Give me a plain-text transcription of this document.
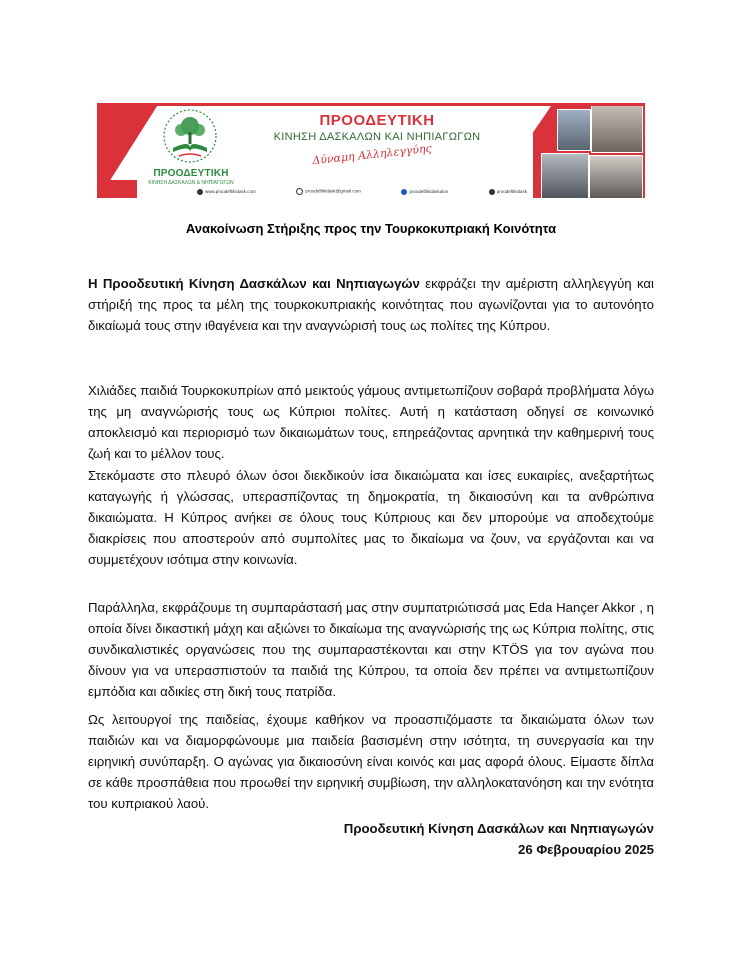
ΠΡΟΟΔΕΥΤΙΚΗ
ΚΙΝΗΣΗ ΔΑΣΚΑΛΩΝ & ΝΗΠΙΑΓΩΓΩΝ
ΠΡΟΟΔΕΥΤΙΚΗ
ΚΙΝΗΣΗ ΔΑΣΚΑΛΩΝ ΚΑΙ ΝΗΠΙΑΓΩΓΩΝ
Δύναμη Αλληλεγγύης
www.proodeftikidask.com	proodeftikidask@gmail.com	proodeftikidaskalon	proodeftikidask
Ανακοίνωση Στήριξης προς την Τουρκοκυπριακή Κοινότητα

Η Προοδευτική Κίνηση Δασκάλων και Νηπιαγωγών εκφράζει την αμέριστη αλληλεγγύη και στήριξή της προς τα μέλη της τουρκοκυπριακής κοινότητας που αγωνίζονται για το αυτονόητο δικαίωμά τους στην ιθαγένεια και την αναγνώρισή τους ως πολίτες της Κύπρου.

Χιλιάδες παιδιά Τουρκοκυπρίων από μεικτούς γάμους αντιμετωπίζουν σοβαρά προβλήματα λόγω της μη αναγνώρισής τους ως Κύπριοι πολίτες. Αυτή η κατάσταση οδηγεί σε κοινωνικό αποκλεισμό και περιορισμό των δικαιωμάτων τους, επηρεάζοντας αρνητικά την καθημερινή τους ζωή και το μέλλον τους.

Στεκόμαστε στο πλευρό όλων όσοι διεκδικούν ίσα δικαιώματα και ίσες ευκαιρίες, ανεξαρτήτως καταγωγής ή γλώσσας, υπερασπίζοντας τη δημοκρατία, τη δικαιοσύνη και τα ανθρώπινα δικαιώματα. Η Κύπρος ανήκει σε όλους τους Κύπριους και δεν μπορούμε να αποδεχτούμε διακρίσεις που αποστερούν από συμπολίτες μας το δικαίωμα να ζουν, να εργάζονται και να συμμετέχουν ισότιμα στην κοινωνία.

Παράλληλα, εκφράζουμε τη συμπαράστασή μας στην συμπατριώτισσά μας Eda Hançer Akkor , η οποία δίνει δικαστική μάχη και αξιώνει το δικαίωμα της αναγνώρισής της ως Κύπρια πολίτης, στις συνδικαλιστικές οργανώσεις που της συμπαραστέκονται και στην KTÖS για τον αγώνα που δίνουν για να υπερασπιστούν τα παιδιά της Κύπρου, τα οποία δεν πρέπει να αντιμετωπίζουν εμπόδια και αδικίες στη δική τους πατρίδα.

Ως λειτουργοί της παιδείας, έχουμε καθήκον να προασπιζόμαστε τα δικαιώματα όλων των παιδιών και να διαμορφώνουμε μια παιδεία βασισμένη στην ισότητα, τη συνεργασία και την ειρηνική συνύπαρξη. Ο αγώνας για δικαιοσύνη είναι κοινός και μας αφορά όλους. Είμαστε δίπλα σε κάθε προσπάθεια που προωθεί την ειρηνική συμβίωση, την αλληλοκατανόηση και την ενότητα του κυπριακού λαού.

Προοδευτική Κίνηση Δασκάλων και Νηπιαγωγών
26 Φεβρουαρίου 2025
